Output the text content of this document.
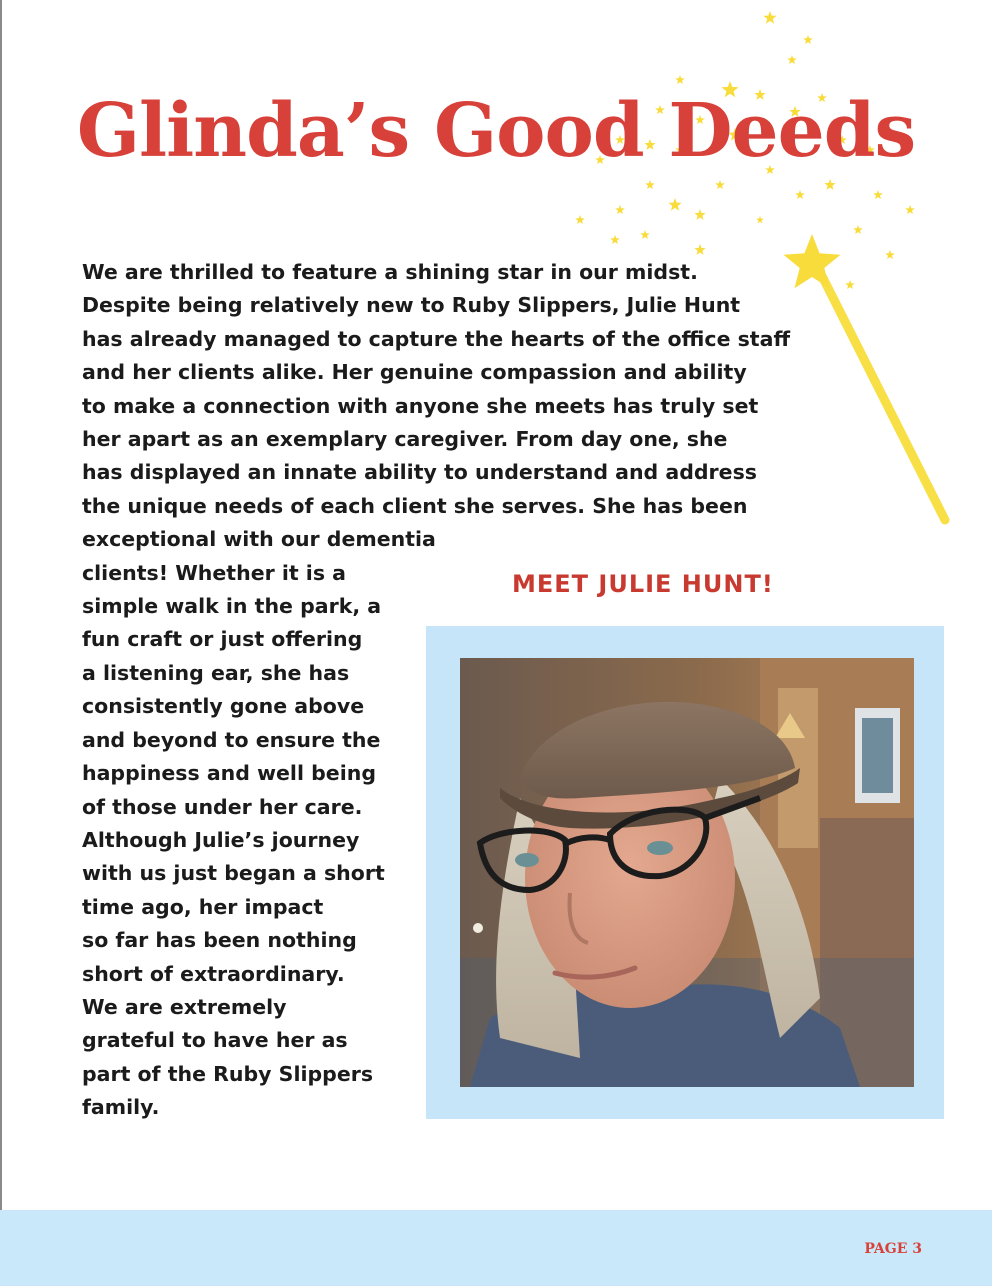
Glinda’s Good Deeds
We are thrilled to feature a shining star in our midst.
Despite being relatively new to Ruby Slippers, Julie Hunt
has already managed to capture the hearts of the office staff
and her clients alike. Her genuine compassion and ability
to make a connection with anyone she meets has truly set
her apart as an exemplary caregiver. From day one, she
has displayed an innate ability to understand and address
the unique needs of each client she serves. She has been
exceptional with our dementia
clients! Whether it is a
simple walk in the park, a
fun craft or just offering
a listening ear, she has
consistently gone above
and beyond to ensure the
happiness and well being
of those under her care.
Although Julie’s journey
with us just began a short
time ago, her impact
so far has been nothing
short of extraordinary.
We are extremely
grateful to have her as
part of the Ruby Slippers
family.
MEET JULIE HUNT!
PAGE 3
